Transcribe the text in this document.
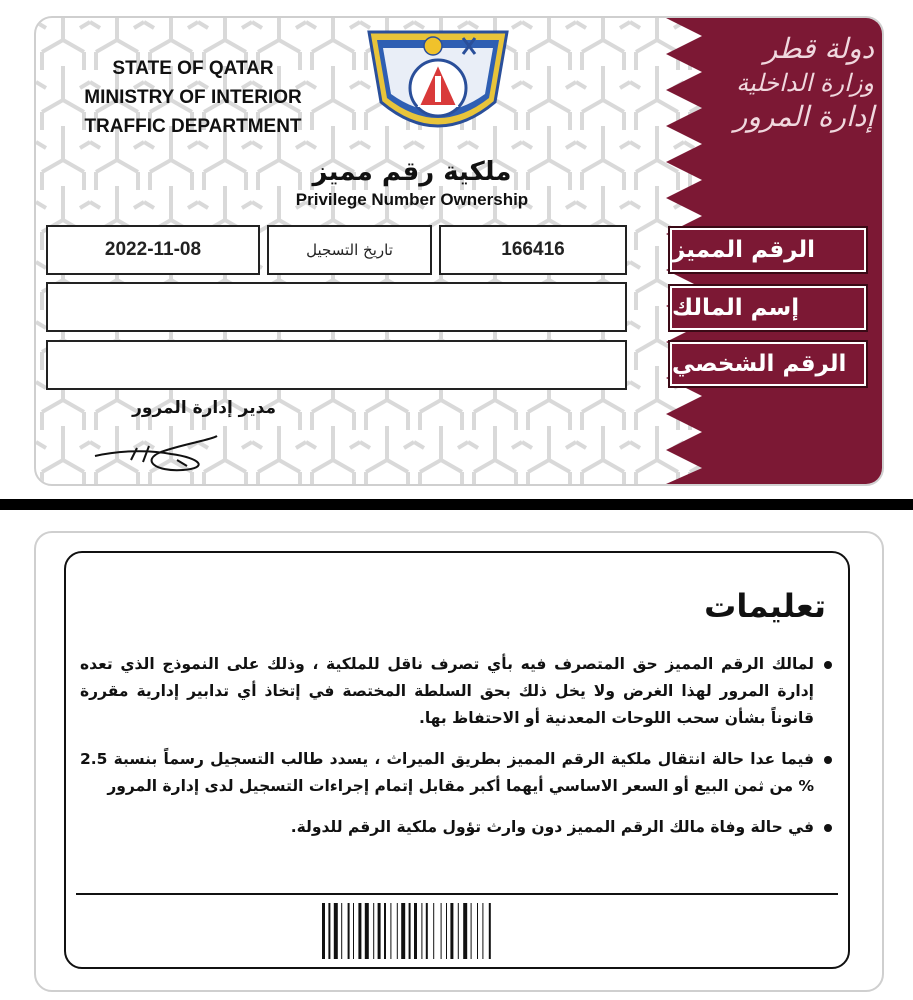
STATE OF QATAR
MINISTRY OF INTERIOR
TRAFFIC DEPARTMENT
دولة قطر
وزارة الداخلية
إدارة المرور
ملكية رقم مميز
Privilege Number Ownership
2022-11-08	تاريخ التسجيل	166416	الرقم المميز
إسم المالك
الرقم الشخصي
مدير إدارة المرور
تعليمات
لمالك الرقم المميز حق المتصرف فيه بأي تصرف ناقل للملكية ، وذلك على النموذج الذي تعده إدارة المرور لهذا الغرض ولا يخل ذلك بحق السلطة المختصة في إتخاذ أي تدابير إدارية مقررة قانوناً بشأن سحب اللوحات المعدنية أو الاحتفاظ بها.
فيما عدا حالة انتقال ملكية الرقم المميز بطريق الميراث ، يسدد طالب التسجيل رسماً بنسبة 2.5 % من ثمن البيع أو السعر الاساسي أيهما أكبر مقابل إتمام إجراءات التسجيل لدى إدارة المرور
في حالة وفاة مالك الرقم المميز دون وارث تؤول ملكية الرقم للدولة.
